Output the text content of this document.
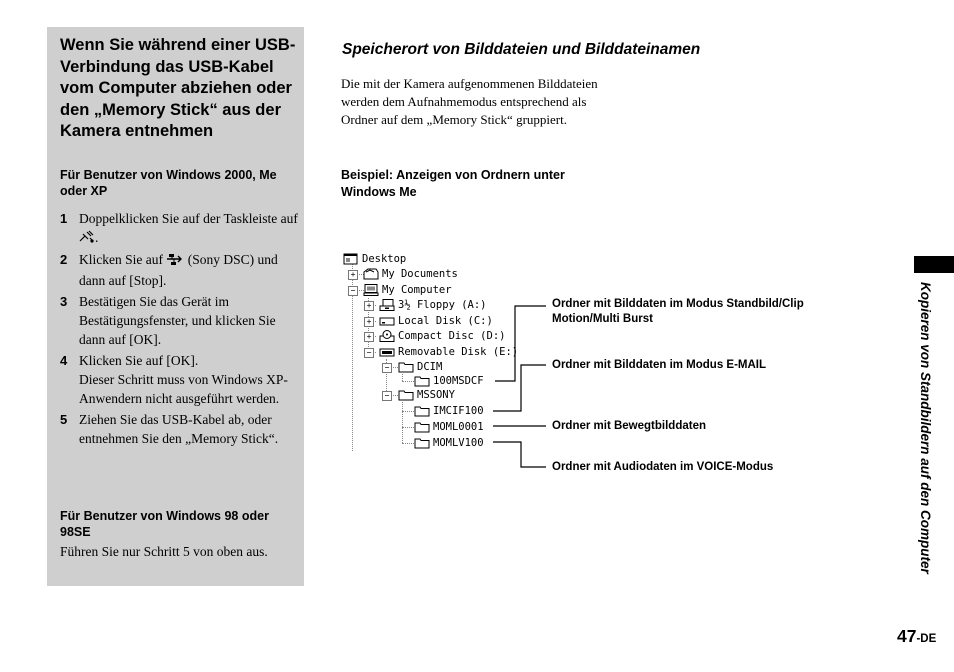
Wenn Sie während einer USB-Verbindung das USB-Kabel vom Computer abziehen oder den „Memory Stick“ aus der Kamera entnehmen
Für Benutzer von Windows 2000, Me oder XP
1 Doppelklicken Sie auf der Taskleiste auf .
2 Klicken Sie auf (Sony DSC) und dann auf [Stop].
3 Bestätigen Sie das Gerät im Bestätigungsfenster, und klicken Sie dann auf [OK].
4 Klicken Sie auf [OK].
Dieser Schritt muss von Windows XP-Anwendern nicht ausgeführt werden.
5 Ziehen Sie das USB-Kabel ab, oder entnehmen Sie den „Memory Stick“.
Für Benutzer von Windows 98 oder 98SE

Führen Sie nur Schritt 5 von oben aus.

Speicherort von Bilddateien und Bilddateinamen

Die mit der Kamera aufgenommenen Bilddateien werden dem Aufnahmemodus entsprechend als Ordner auf dem „Memory Stick“ gruppiert.

Beispiel: Anzeigen von Ordnern unter Windows Me

+
−
+
+
+
−
−
−
Desktop
My Documents
My Computer
3½ Floppy (A:)
Local Disk (C:)
Compact Disc (D:)
Removable Disk (E:)
DCIM
100MSDCF
MSSONY
IMCIF100
MOML0001
MOMLV100

Ordner mit Bilddaten im Modus Standbild/Clip Motion/Multi Burst

Ordner mit Bilddaten im Modus E-MAIL

Ordner mit Bewegtbilddaten

Ordner mit Audiodaten im VOICE-Modus	Kopieren von Standbildern auf den Computer
47-DE
